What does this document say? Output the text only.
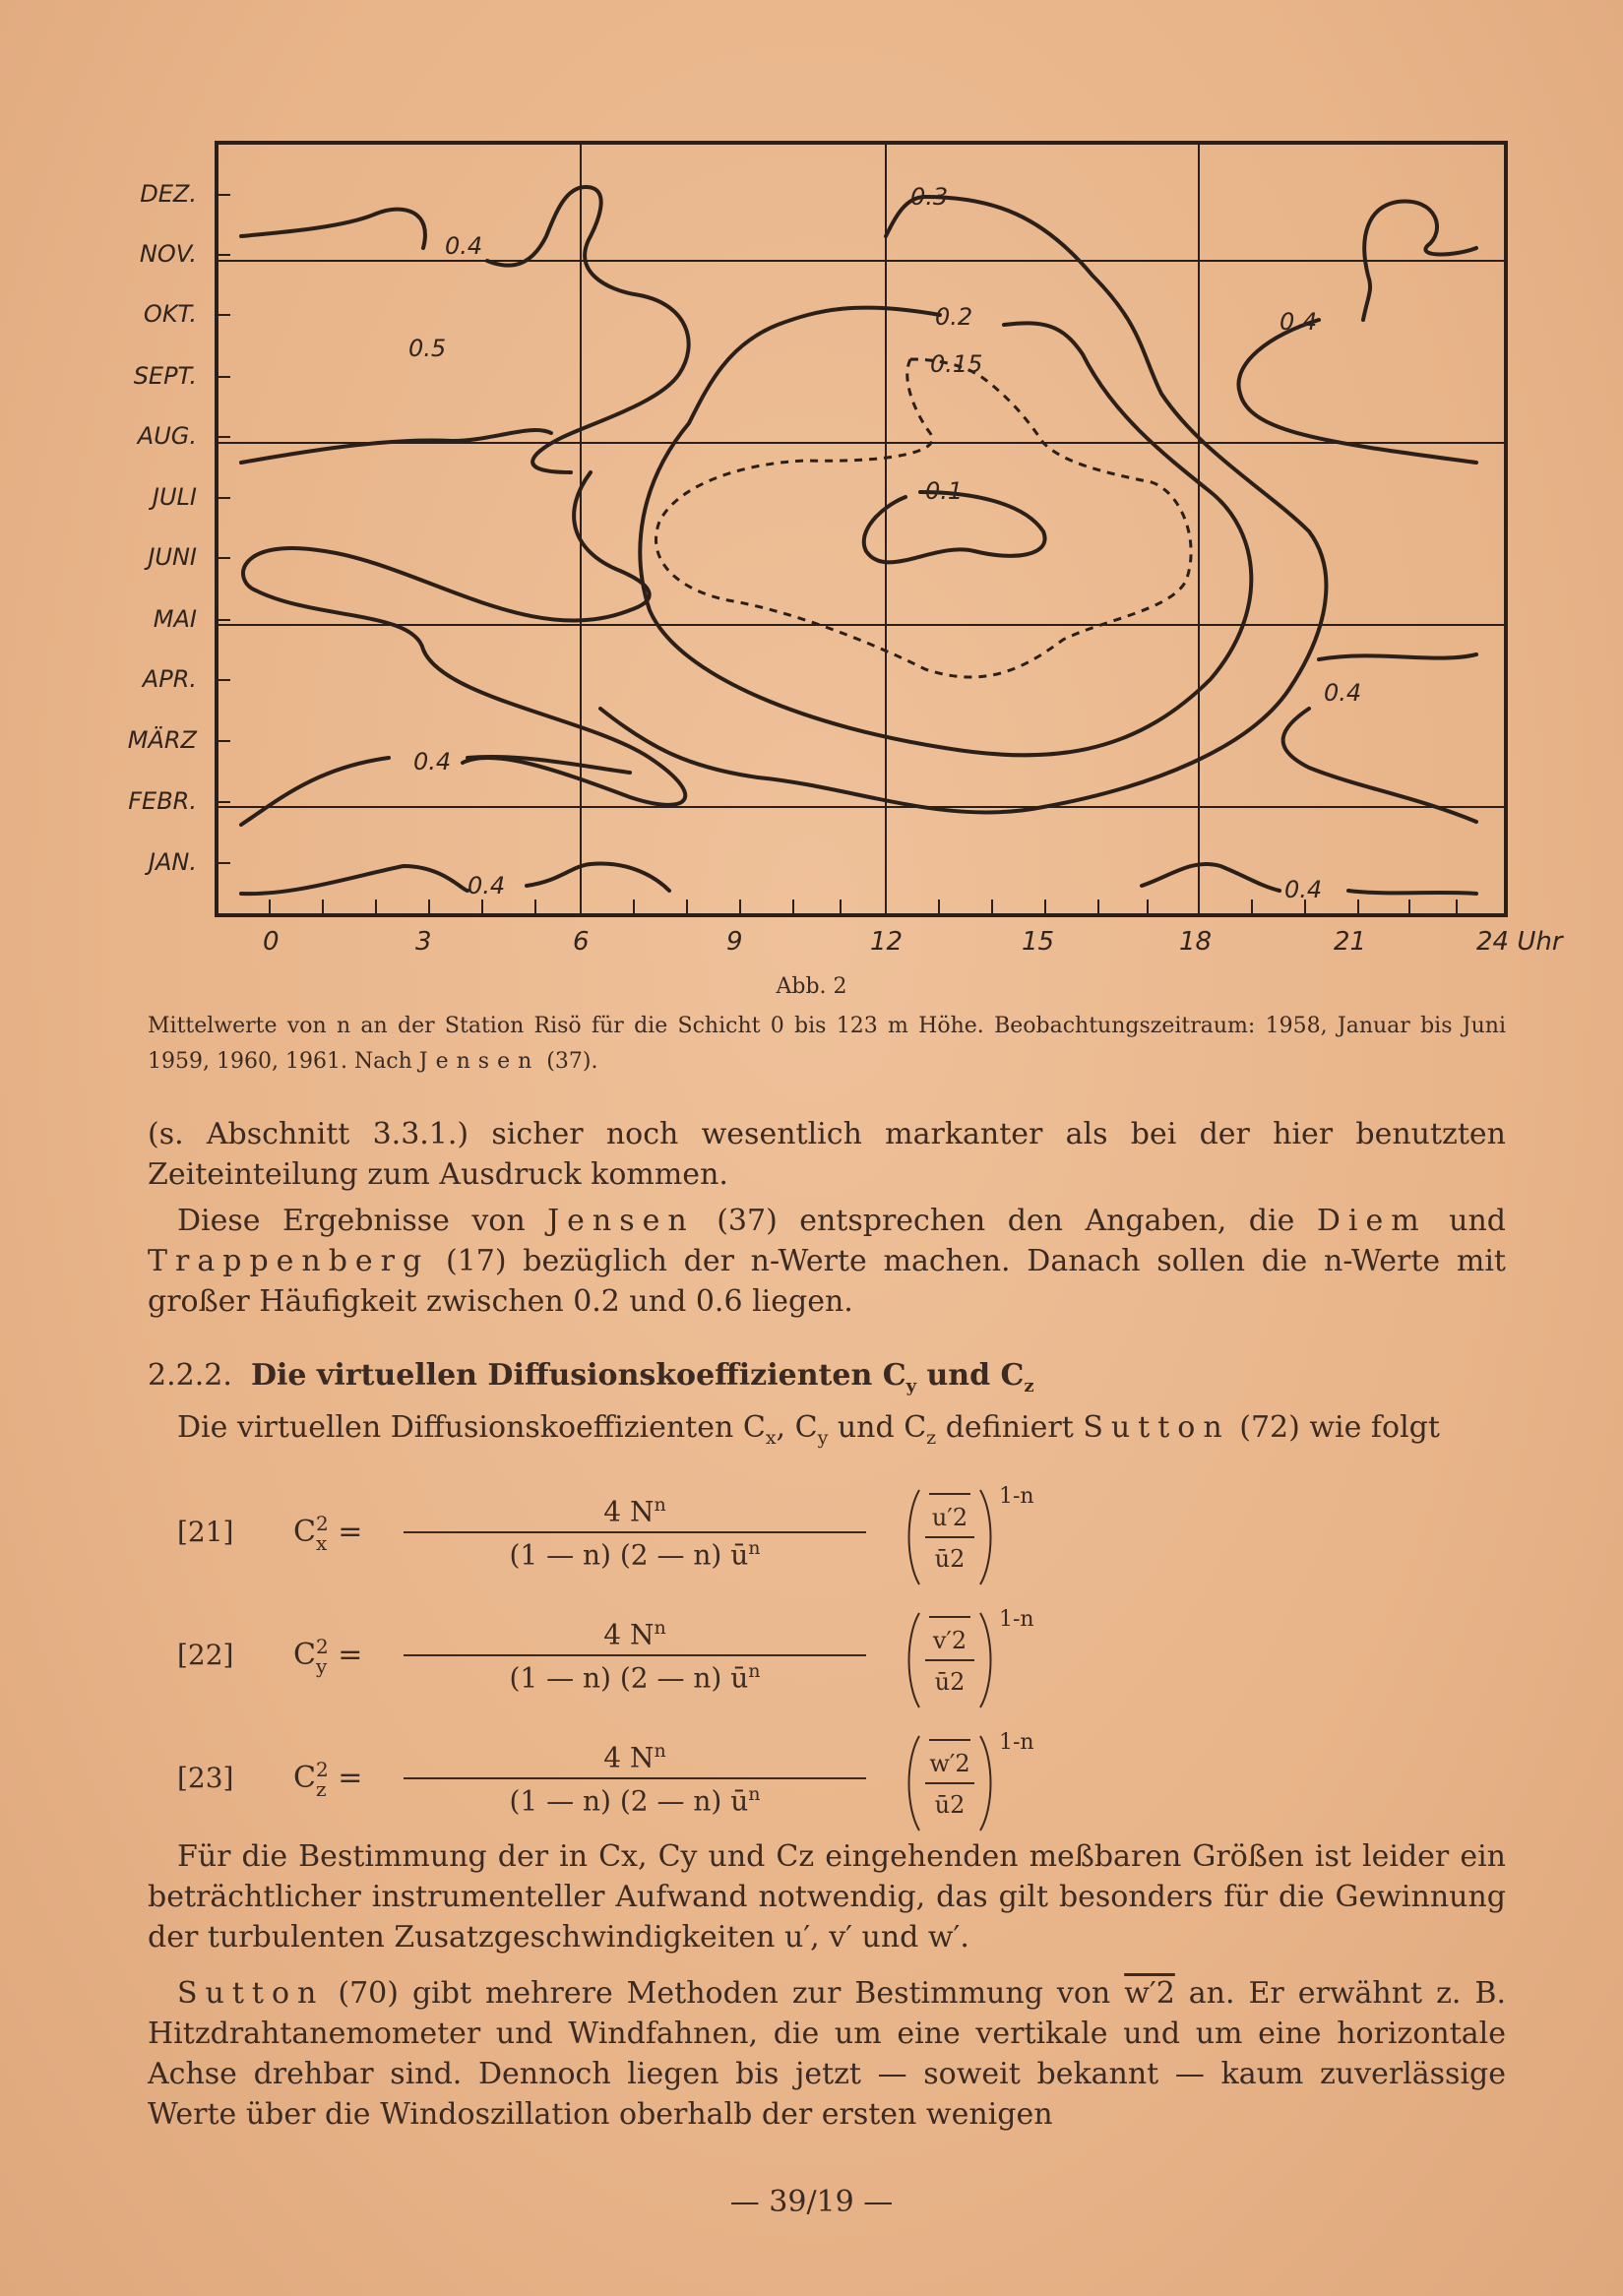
DEZ.
NOV.
OKT.
SEPT.
AUG.
JULI
JUNI
MAI
APR.
MÄRZ
FEBR.
JAN.
0	3	6	9	12	15	18	21	24 Uhr
0.4
0.5
0.3
0.2
0.15
0.1
0.4
0.4
0.4
0.4	0.4
Abb. 2
Mittelwerte von n an der Station Risö für die Schicht 0 bis 123 m Höhe. Beobachtungszeitraum: 1958, Januar bis Juni 1959, 1960, 1961. Nach Jensen (37).
(s. Abschnitt 3.3.1.) sicher noch wesentlich markanter als bei der hier benutzten Zeiteinteilung zum Ausdruck kommen.
Diese Ergebnisse von Jensen (37) entsprechen den Angaben, die Diem und Trappenberg (17) bezüglich der n-Werte machen. Danach sollen die n-Werte mit großer Häufigkeit zwischen 0.2 und 0.6 liegen.
2.2.2. Die virtuellen Diffusionskoeffizienten $C_y$ und $C_z$
Die virtuellen Diffusionskoeffizienten $C_x$, $C_y$ und $C_z$ definiert Sutton (72) wie folgt
[21] C2
$x = \frac{4 N^n}{(1 — n) (2 — n) ū^n}$	u′2
ū2
1-n
[22] C2
$y = \frac{4 N^n}{(1 — n) (2 — n) ū^n}$	v′2
ū2
1-n
[23] C2
$z = \frac{4 N^n}{(1 — n) (2 — n) ū^n}$	w′2
ū2
1-n
Für die Bestimmung der in Cx, Cy und Cz eingehenden meßbaren Größen ist leider ein beträchtlicher instrumenteller Aufwand notwendig, das gilt besonders für die Gewinnung der turbulenten Zusatzgeschwindigkeiten u′, v′ und w′.
Sutton (70) gibt mehrere Methoden zur Bestimmung von w′2 an. Er erwähnt z. B. Hitzdrahtanemometer und Windfahnen, die um eine vertikale und um eine horizontale Achse drehbar sind. Dennoch liegen bis jetzt — soweit bekannt — kaum zuverlässige Werte über die Windoszillation oberhalb der ersten wenigen
— 39/19 —
